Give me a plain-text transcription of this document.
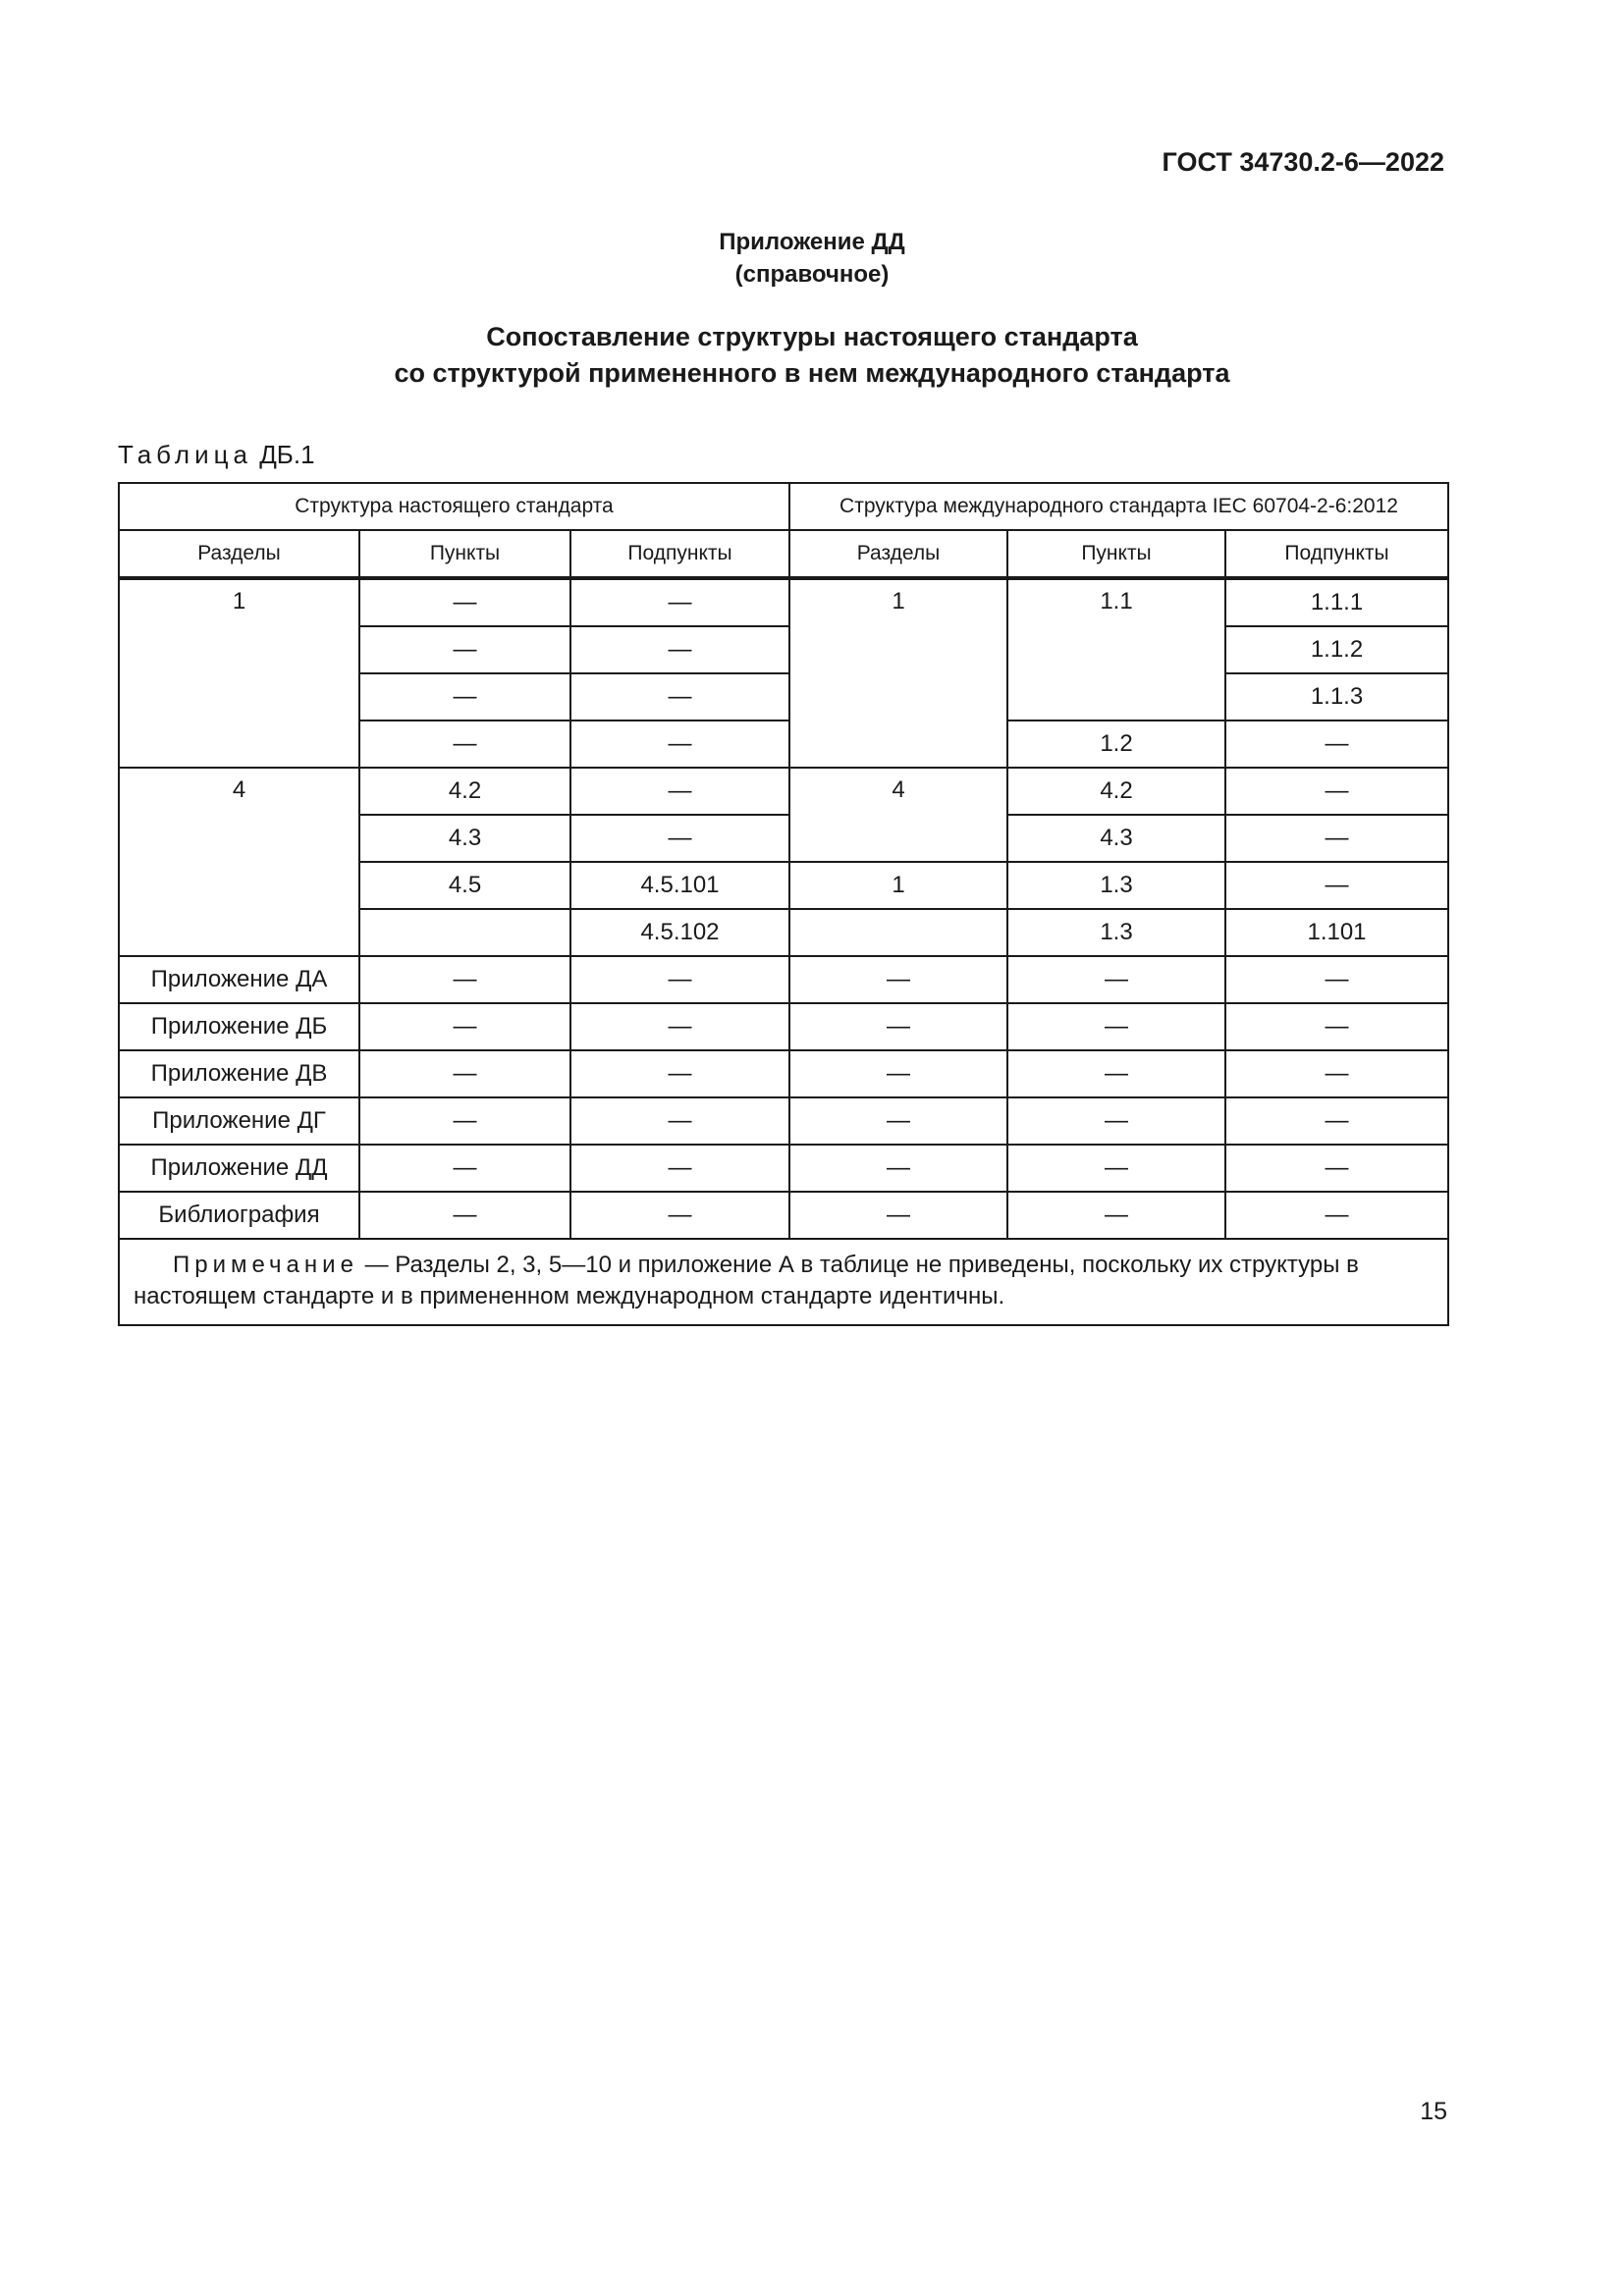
ГОСТ 34730.2-6—2022
Приложение ДД
(справочное)
Сопоставление структуры настоящего стандарта
со структурой примененного в нем международного стандарта
Таблица ДБ.1
Структура настоящего стандарта			Структура международного стандарта IEC 60704-2-6:2012		
Разделы	Пункты	Подпункты	Разделы	Пункты	Подпункты
1	—	—	1	1.1	1.1.1
	—	—			1.1.2
	—	—			1.1.3
	—	—		1.2	—
4	4.2	—	4	4.2	—
	4.3	—		4.3	—
	4.5	4.5.101	1	1.3	—
		4.5.102		1.3	1.101
Приложение ДА	—	—	—	—	—
Приложение ДБ	—	—	—	—	—
Приложение ДВ	—	—	—	—	—
Приложение ДГ	—	—	—	—	—
Приложение ДД	—	—	—	—	—
Библиография	—	—	—	—	—
Примечание — Разделы 2, 3, 5—10 и приложение А в таблице не приведены, поскольку их структуры в настоящем стандарте и в примененном международном стандарте идентичны.					
15
